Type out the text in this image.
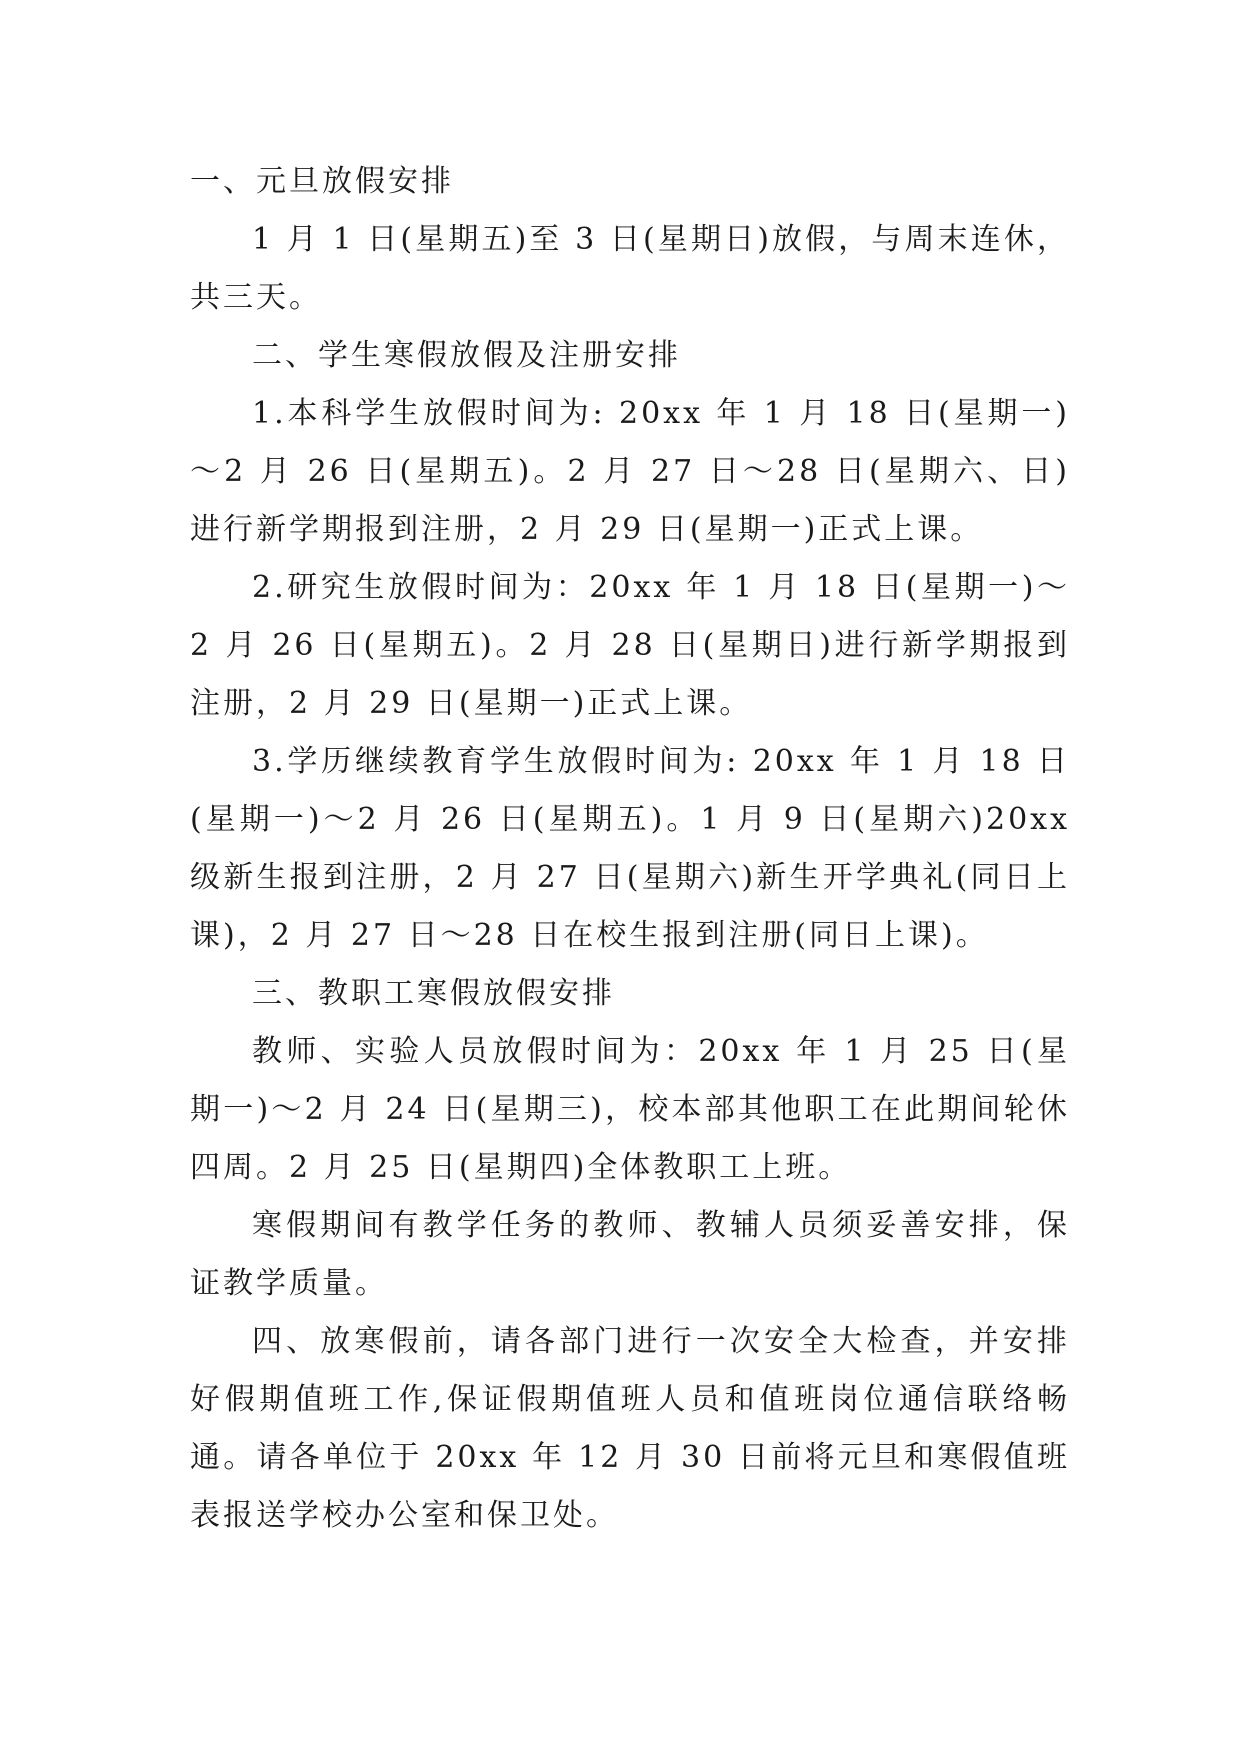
一、元旦放假安排

1 月 1 日(星期五)至 3 日(星期日)放假，与周末连休，共三天。

二、学生寒假放假及注册安排

1.本科学生放假时间为: 20xx 年 1 月 18 日(星期一)～2 月 26 日(星期五)。2 月 27 日～28 日(星期六、日)进行新学期报到注册，2 月 29 日(星期一)正式上课。

2.研究生放假时间为：20xx 年 1 月 18 日(星期一)～2 月 26 日(星期五)。2 月 28 日(星期日)进行新学期报到注册，2 月 29 日(星期一)正式上课。

3.学历继续教育学生放假时间为: 20xx 年 1 月 18 日(星期一)～2 月 26 日(星期五)。1 月 9 日(星期六)20xx 级新生报到注册，2 月 27 日(星期六)新生开学典礼(同日上课)，2 月 27 日～28 日在校生报到注册(同日上课)。

三、教职工寒假放假安排

教师、实验人员放假时间为：20xx 年 1 月 25 日(星期一)～2 月 24 日(星期三)，校本部其他职工在此期间轮休四周。2 月 25 日(星期四)全体教职工上班。

寒假期间有教学任务的教师、教辅人员须妥善安排，保证教学质量。

四、放寒假前，请各部门进行一次安全大检查，并安排好假期值班工作,保证假期值班人员和值班岗位通信联络畅通。请各单位于 20xx 年 12 月 30 日前将元旦和寒假值班表报送学校办公室和保卫处。
